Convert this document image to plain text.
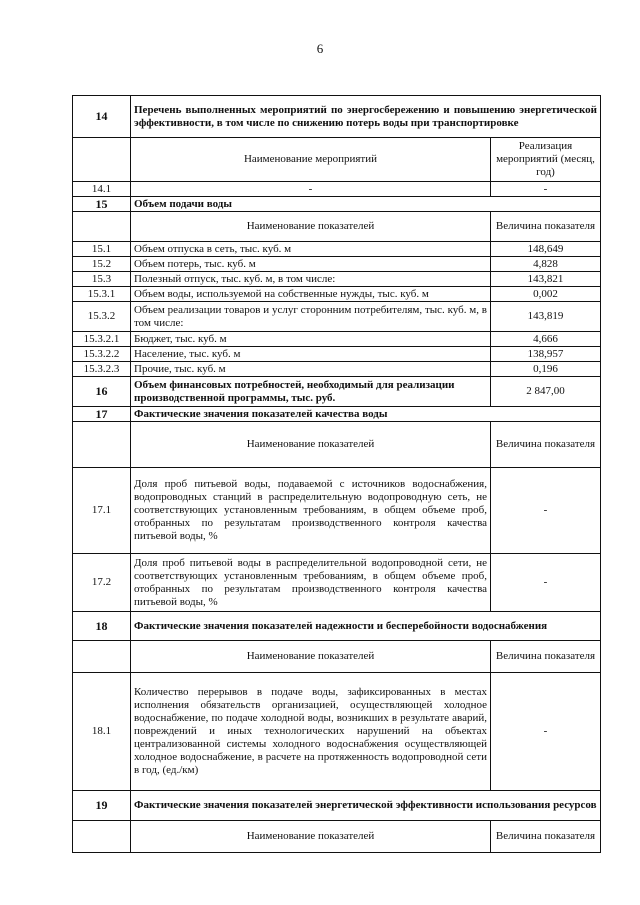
6
14	Перечень выполненных мероприятий по энергосбережению и повышению энергетической эффективности, в том числе по снижению потерь воды при транспортировке	
	Наименование мероприятий	Реализация мероприятий (месяц, год)
14.1	-	-
15	Объем подачи воды	
	Наименование показателей	Величина показателя
15.1	Объем отпуска в сеть, тыс. куб. м	148,649
15.2	Объем потерь, тыс. куб. м	4,828
15.3	Полезный отпуск, тыс. куб. м, в том числе:	143,821
15.3.1	Объем воды, используемой на собственные нужды, тыс. куб. м	0,002
15.3.2	Объем реализации товаров и услуг сторонним потребителям, тыс. куб. м, в том числе:	143,819
15.3.2.1	Бюджет, тыс. куб. м	4,666
15.3.2.2	Население, тыс. куб. м	138,957
15.3.2.3	Прочие, тыс. куб. м	0,196
16	Объем финансовых потребностей, необходимый для реализации производственной программы, тыс. руб.	2 847,00
17	Фактические значения показателей качества воды	
	Наименование показателей	Величина показателя
17.1	Доля проб питьевой воды, подаваемой с источников водоснабжения, водопроводных станций в распределительную водопроводную сеть, не соответствующих установленным требованиям, в общем объеме проб, отобранных по результатам производственного контроля качества питьевой воды, %	-
17.2	Доля проб питьевой воды в распределительной водопроводной сети, не соответствующих установленным требованиям, в общем объеме проб, отобранных по результатам производственного контроля качества питьевой воды, %	-
18	Фактические значения показателей надежности и бесперебойности водоснабжения	
	Наименование показателей	Величина показателя
18.1	Количество перерывов в подаче воды, зафиксированных в местах исполнения обязательств организацией, осуществляющей холодное водоснабжение, по подаче холодной воды, возникших в результате аварий, повреждений и иных технологических нарушений на объектах централизованной системы холодного водоснабжения осуществляющей холодное водоснабжение, в расчете на протяженность водопроводной сети в год, (ед./км)	-
19	Фактические значения показателей энергетической эффективности использования ресурсов	
	Наименование показателей	Величина показателя
